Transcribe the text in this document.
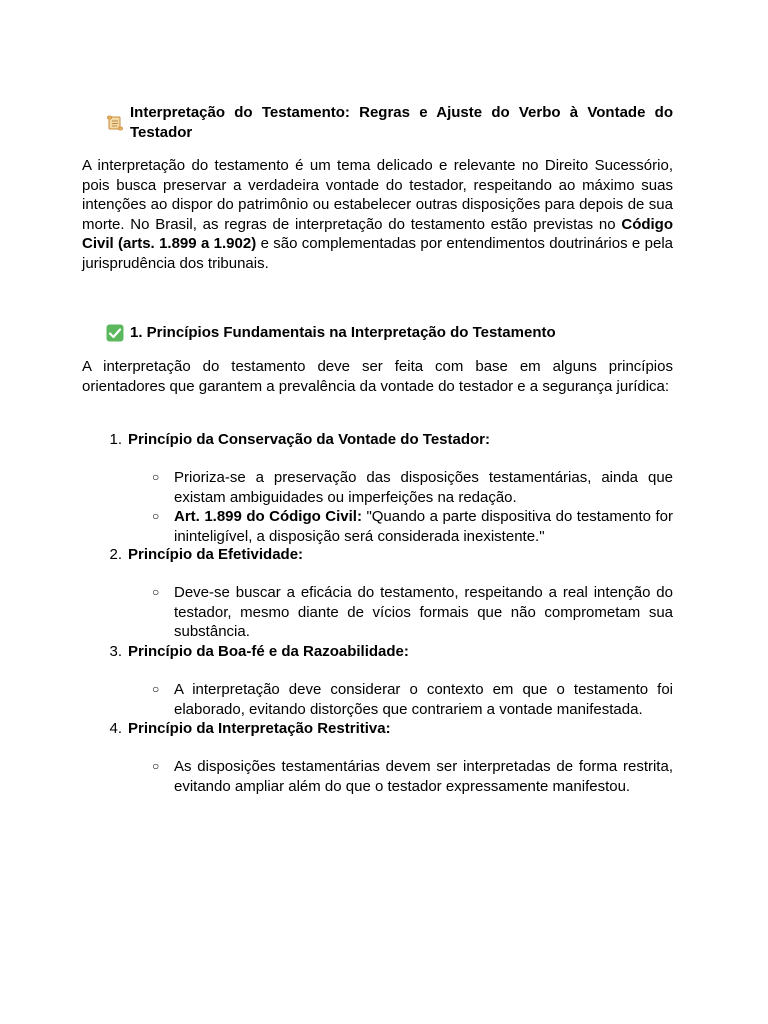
Interpretação do Testamento: Regras e Ajuste do Verbo à Vontade do Testador
A interpretação do testamento é um tema delicado e relevante no Direito Sucessório, pois busca preservar a verdadeira vontade do testador, respeitando ao máximo suas intenções ao dispor do patrimônio ou estabelecer outras disposições para depois de sua morte. No Brasil, as regras de interpretação do testamento estão previstas no Código Civil (arts. 1.899 a 1.902) e são complementadas por entendimentos doutrinários e pela jurisprudência dos tribunais.
1. Princípios Fundamentais na Interpretação do Testamento
A interpretação do testamento deve ser feita com base em alguns princípios orientadores que garantem a prevalência da vontade do testador e a segurança jurídica:
1. Princípio da Conservação da Vontade do Testador:
○ Prioriza-se a preservação das disposições testamentárias, ainda que existam ambiguidades ou imperfeições na redação.
○ Art. 1.899 do Código Civil: "Quando a parte dispositiva do testamento for ininteligível, a disposição será considerada inexistente."
2. Princípio da Efetividade:
○ Deve-se buscar a eficácia do testamento, respeitando a real intenção do testador, mesmo diante de vícios formais que não comprometam sua substância.
3. Princípio da Boa-fé e da Razoabilidade:
○ A interpretação deve considerar o contexto em que o testamento foi elaborado, evitando distorções que contrariem a vontade manifestada.
4. Princípio da Interpretação Restritiva:
○ As disposições testamentárias devem ser interpretadas de forma restrita, evitando ampliar além do que o testador expressamente manifestou.
